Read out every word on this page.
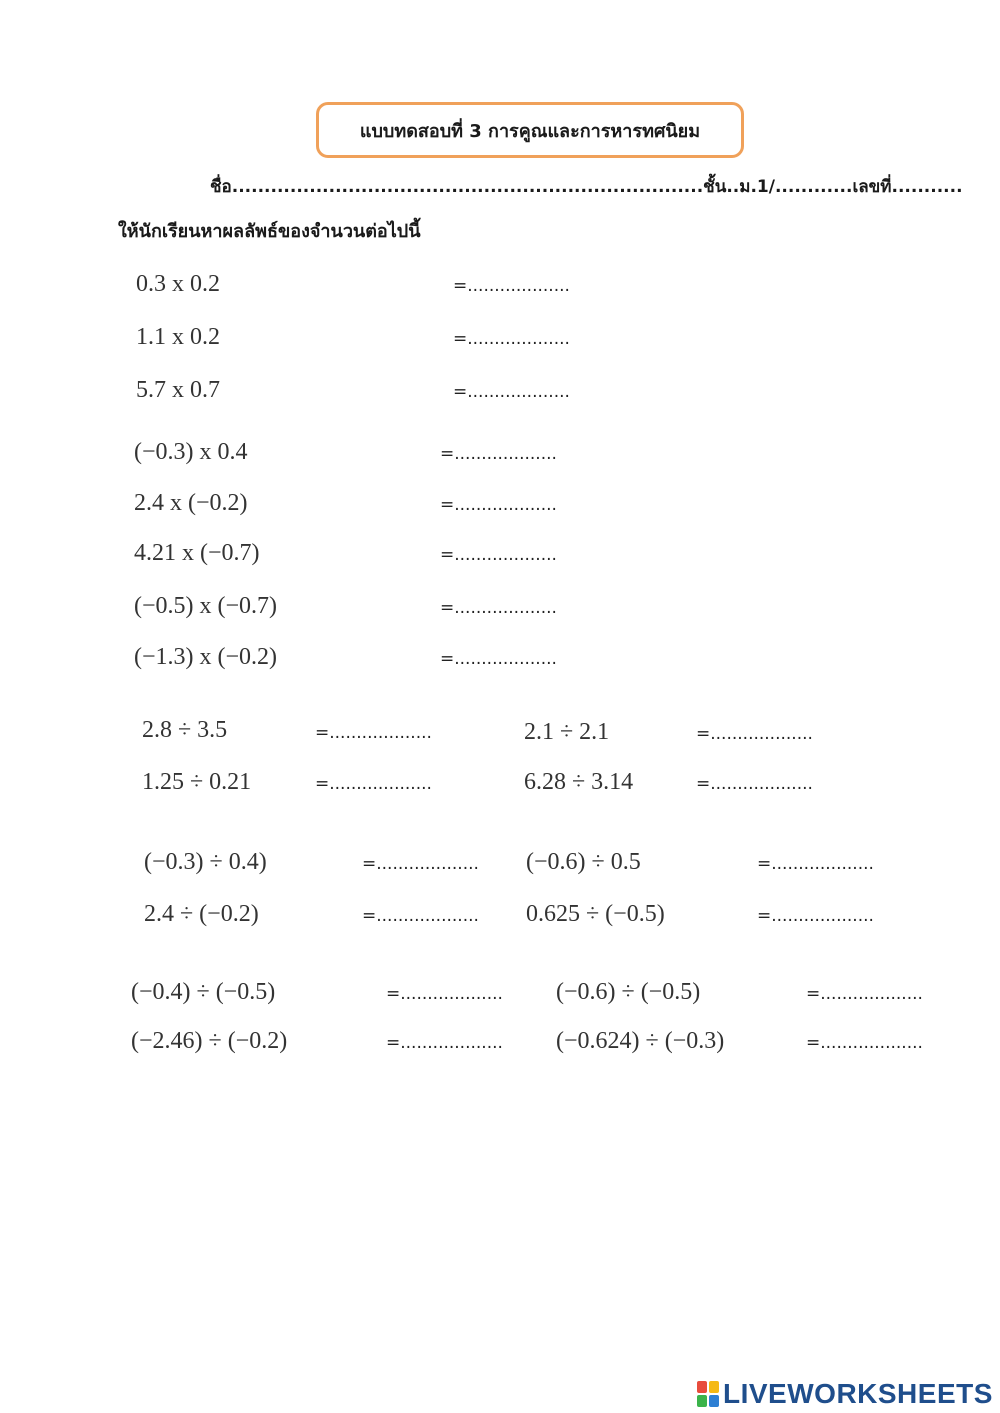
แบบทดสอบที่ 3 การคูณและการหารทศนิยม
ชื่อ.........................................................................ชั้น..ม.1/............เลขที่...........
ให้นักเรียนหาผลลัพธ์ของจำนวนต่อไปนี้
0.3 x 0.2	=...................
1.1 x 0.2	=...................
5.7 x 0.7	=...................
(−0.3) x 0.4	=...................
2.4 x (−0.2)	=...................
4.21 x (−0.7)	=...................
(−0.5) x (−0.7)	=...................
(−1.3) x (−0.2)	=...................
2.8 ÷ 3.5	=...................	2.1 ÷ 2.1	=...................
1.25 ÷ 0.21	=...................	6.28 ÷ 3.14	=...................
(−0.3) ÷ 0.4)	=................... (−0.6) ÷ 0.5	=...................
2.4 ÷ (−0.2)	=................... 0.625 ÷ (−0.5)	=...................
(−0.4) ÷ (−0.5)	=................... (−0.6) ÷ (−0.5)	=...................
(−2.46) ÷ (−0.2)	=................... (−0.624) ÷ (−0.3)	=...................
LIVEWORKSHEETS
